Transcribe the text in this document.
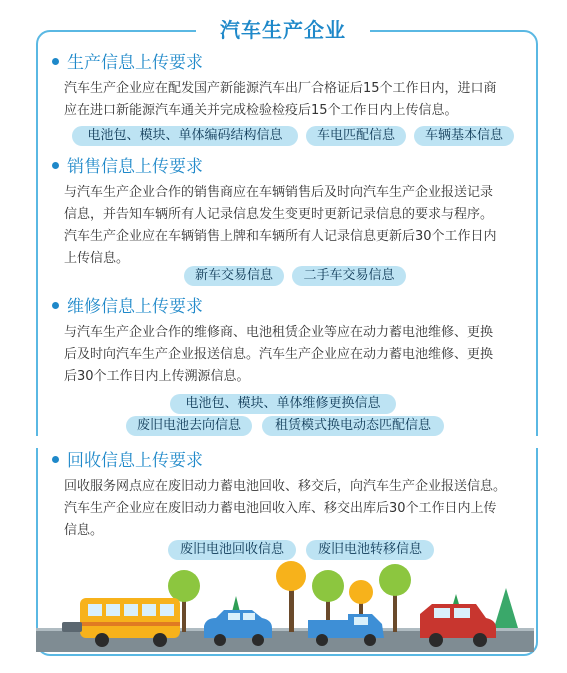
汽车生产企业
生产信息上传要求

汽车生产企业应在配发国产新能源汽车出厂合格证后15个工作日内，进口商
应在进口新能源汽车通关并完成检验检疫后15个工作日内上传信息。

电池包、模块、单体编码结构信息	车电匹配信息	车辆基本信息
销售信息上传要求

与汽车生产企业合作的销售商应在车辆销售后及时向汽车生产企业报送记录
信息，并告知车辆所有人记录信息发生变更时更新记录信息的要求与程序。
汽车生产企业应在车辆销售上牌和车辆所有人记录信息更新后30个工作日内
上传信息。

新车交易信息	二手车交易信息
维修信息上传要求

与汽车生产企业合作的维修商、电池租赁企业等应在动力蓄电池维修、更换
后及时向汽车生产企业报送信息。汽车生产企业应在动力蓄电池维修、更换
后30个工作日内上传溯源信息。

电池包、模块、单体维修更换信息
废旧电池去向信息	租赁模式换电动态匹配信息
回收信息上传要求

回收服务网点应在废旧动力蓄电池回收、移交后，向汽车生产企业报送信息。
汽车生产企业应在废旧动力蓄电池回收入库、移交出库后30个工作日内上传
信息。

废旧电池回收信息	废旧电池转移信息
